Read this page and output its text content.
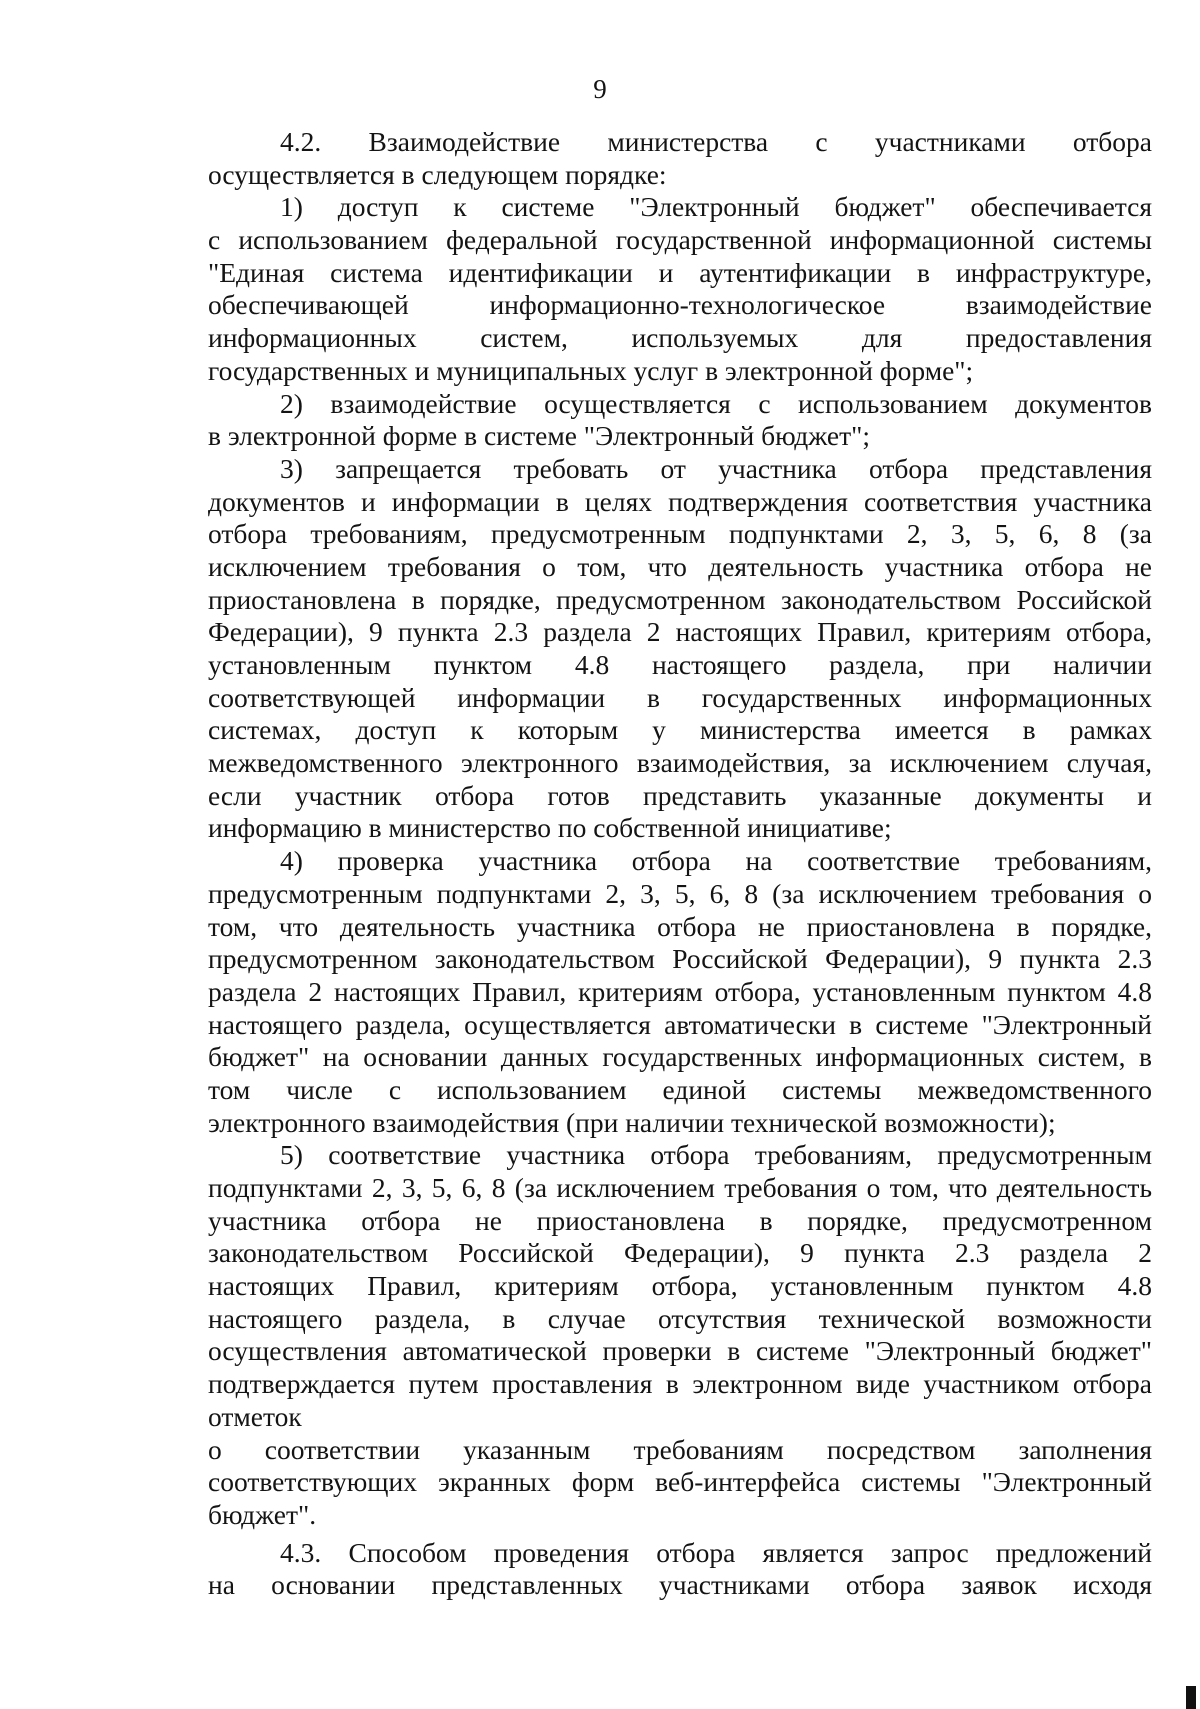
9
4.2. Взаимодействие министерства с участниками отбора
осуществляется в следующем порядке:
1) доступ к системе "Электронный бюджет" обеспечивается
с использованием федеральной государственной информационной системы
"Единая система идентификации и аутентификации в инфраструктуре,
обеспечивающей информационно-технологическое взаимодействие
информационных систем, используемых для предоставления
государственных и муниципальных услуг в электронной форме";
2) взаимодействие осуществляется с использованием документов
в электронной форме в системе "Электронный бюджет";
3) запрещается требовать от участника отбора представления
документов и информации в целях подтверждения соответствия участника
отбора требованиям, предусмотренным подпунктами 2, 3, 5, 6, 8 (за
исключением требования о том, что деятельность участника отбора не
приостановлена в порядке, предусмотренном законодательством Российской
Федерации), 9 пункта 2.3 раздела 2 настоящих Правил, критериям отбора,
установленным пунктом 4.8 настоящего раздела, при наличии
соответствующей информации в государственных информационных
системах, доступ к которым у министерства имеется в рамках
межведомственного электронного взаимодействия, за исключением случая,
если участник отбора готов представить указанные документы и
информацию в министерство по собственной инициативе;
4) проверка участника отбора на соответствие требованиям,
предусмотренным подпунктами 2, 3, 5, 6, 8 (за исключением требования о
том, что деятельность участника отбора не приостановлена в порядке,
предусмотренном законодательством Российской Федерации), 9 пункта 2.3
раздела 2 настоящих Правил, критериям отбора, установленным пунктом 4.8
настоящего раздела, осуществляется автоматически в системе "Электронный
бюджет" на основании данных государственных информационных систем, в
том числе с использованием единой системы межведомственного
электронного взаимодействия (при наличии технической возможности);
5) соответствие участника отбора требованиям, предусмотренным
подпунктами 2, 3, 5, 6, 8 (за исключением требования о том, что деятельность
участника отбора не приостановлена в порядке, предусмотренном
законодательством Российской Федерации), 9 пункта 2.3 раздела 2
настоящих Правил, критериям отбора, установленным пунктом 4.8
настоящего раздела, в случае отсутствия технической возможности
осуществления автоматической проверки в системе "Электронный бюджет"
подтверждается путем проставления в электронном виде участником отбора
отметок
о соответствии указанным требованиям посредством заполнения
соответствующих экранных форм веб-интерфейса системы "Электронный
бюджет".
4.3. Способом проведения отбора является запрос предложений
на основании представленных участниками отбора заявок исходя
